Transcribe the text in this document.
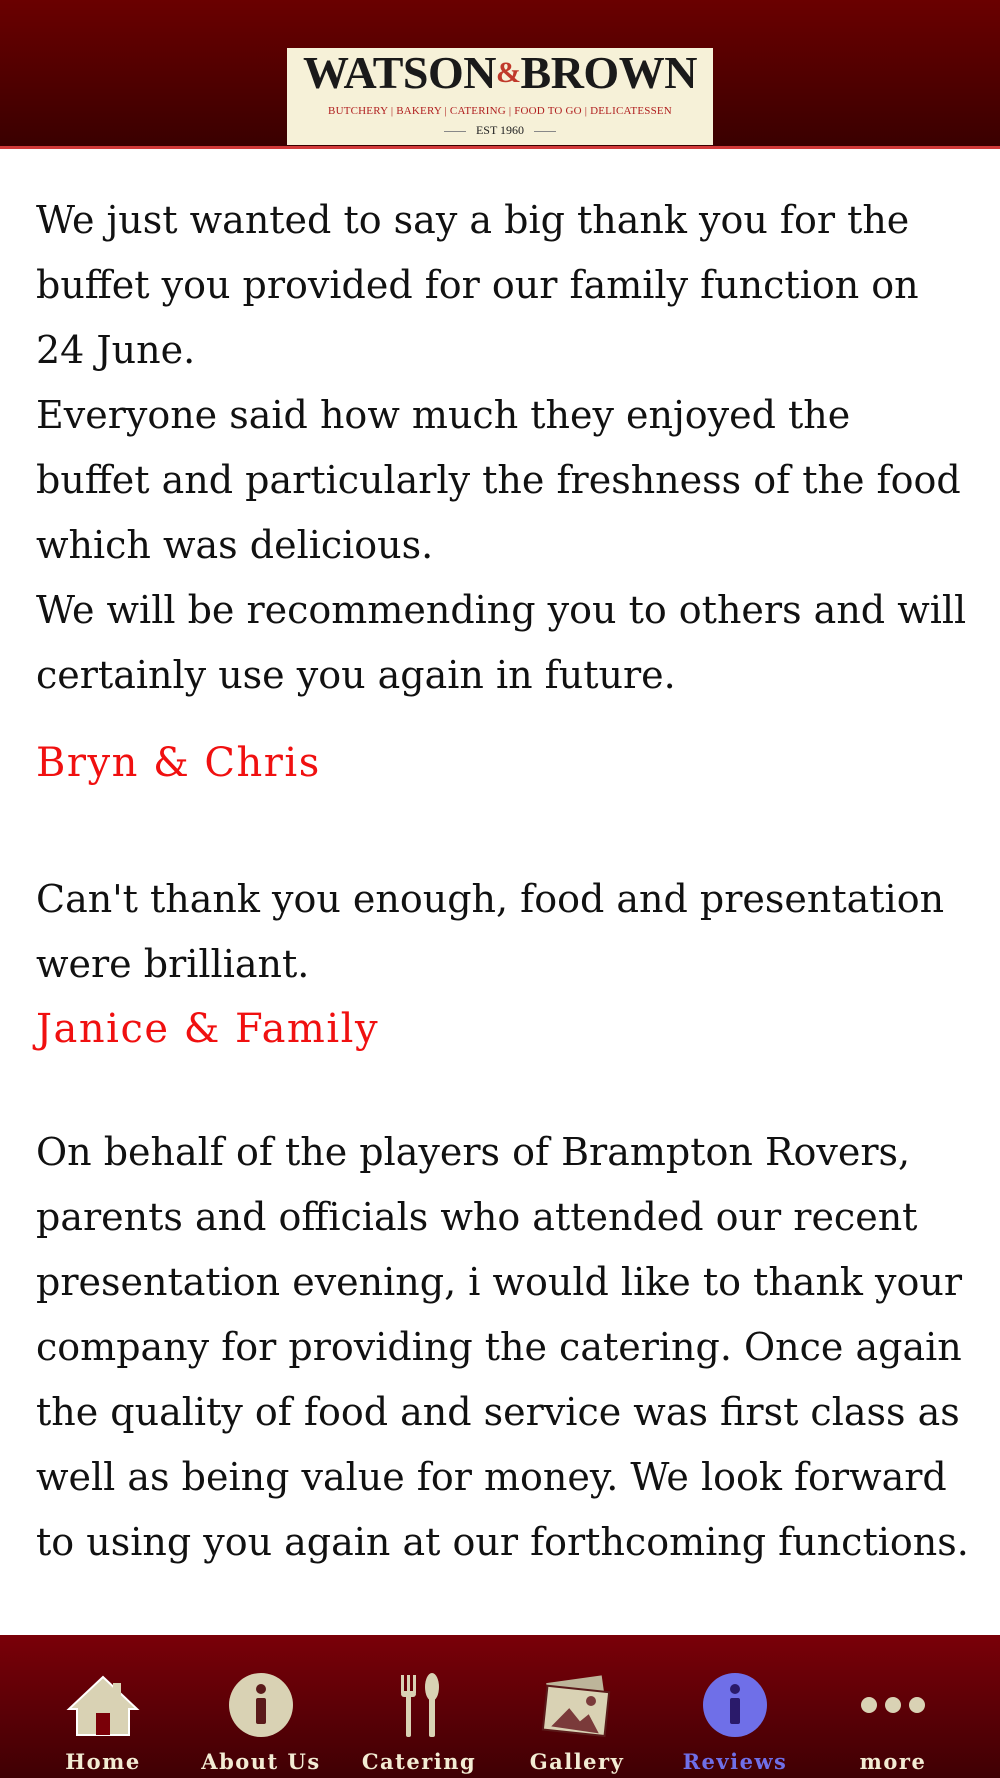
WATSON&BROWN
BUTCHERY | BAKERY | CATERING | FOOD TO GO | DELICATESSEN
EST 1960

We just wanted to say a big thank you for the buffet you provided for our family function on 24 June.

Everyone said how much they enjoyed the buffet and particularly the freshness of the food which was delicious.

We will be recommending you to others and will certainly use you again in future.

Bryn & Chris

Can't thank you enough, food and presentation were brilliant.

Janice & Family

On behalf of the players of Brampton Rovers, parents and officials who attended our recent presentation evening, i would like to thank your company for providing the catering. Once again the quality of food and service was first class as well as being value for money. We look forward to using you again at our forthcoming functions.

Home	About Us	Catering	Gallery	Reviews	more
